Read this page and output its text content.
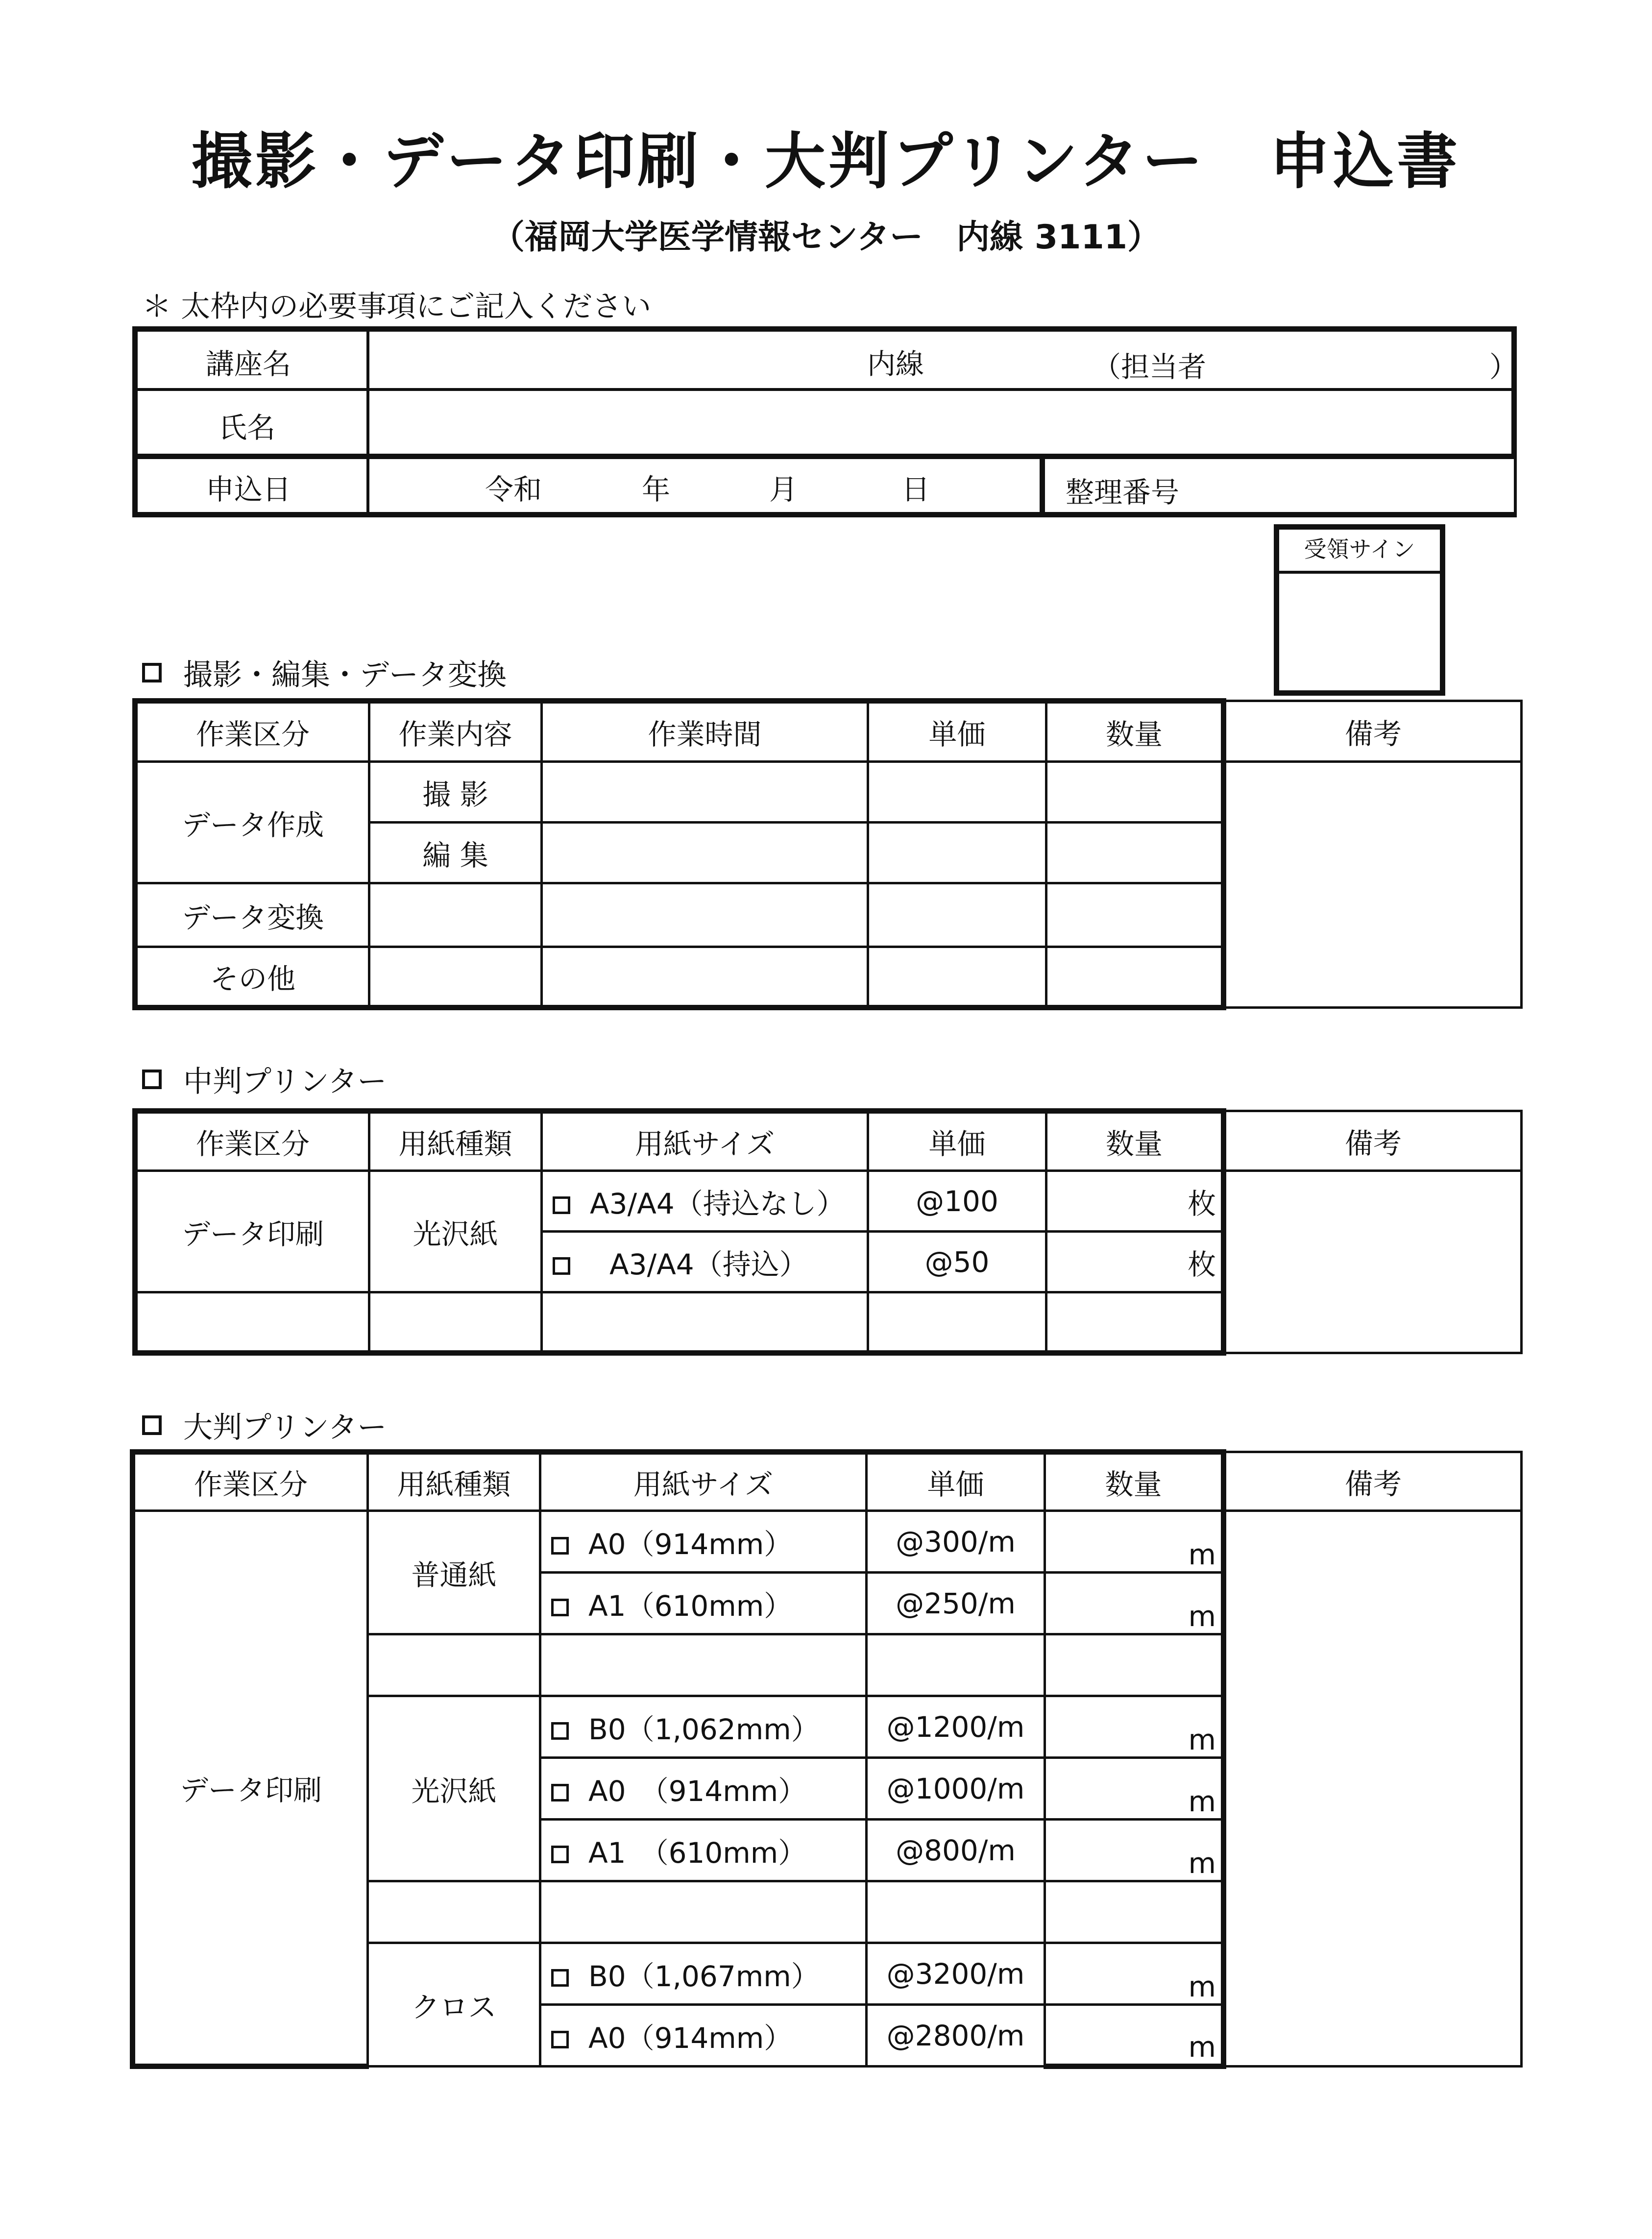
撮影・データ印刷・大判プリンター　申込書
（福岡大学医学情報センター　内線 3111）
＊ 太枠内の必要事項にご記入ください
講座名	内線	（担当者	）
氏名
申込日	令和	年	月	日	整理番号
受領サイン
撮影・編集・データ変換
作業区分	作業内容	作業時間	単価	数量	備考
データ作成	撮 影				
	編 集				
データ変換					
その他					
中判プリンター
作業区分	用紙種類	用紙サイズ	単価	数量	備考
データ印刷	光沢紙	A3/A4（持込なし）	@100	枚	
		A3/A4（持込）	@50	枚	

大判プリンター
作業区分	用紙種類	用紙サイズ	単価	数量	備考
データ印刷	普通紙	A0（914mm）	@300/m	m	
		A1（610mm）	@250/m	m	

	光沢紙	B0（1,062mm）	@1200/m	m	
		A0　（914mm）	@1000/m	m	
		A1　（610mm）	@800/m	m	

	クロス	B0（1,067mm）	@3200/m	m	
		A0（914mm）	@2800/m	m	
